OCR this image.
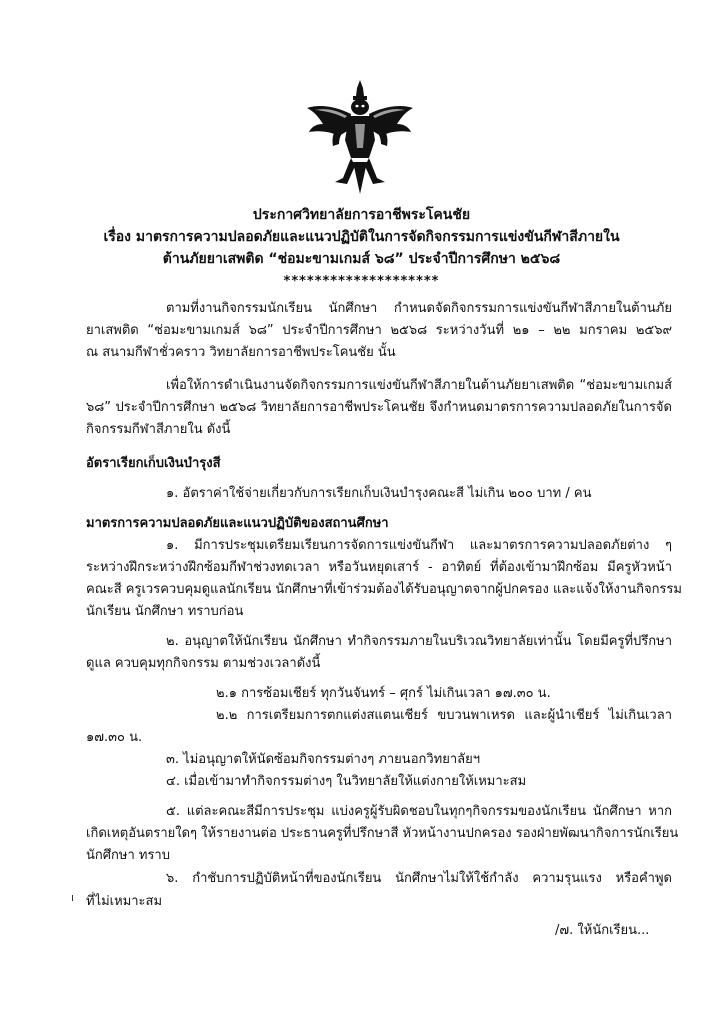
ประกาศวิทยาลัยการอาชีพระโคนชัย
เรื่อง มาตรการความปลอดภัยและแนวปฏิบัติในการจัดกิจกรรมการแข่งขันกีฬาสีภายใน
ต้านภัยยาเสพติด “ช่อมะขามเกมส์ ๖๘” ประจำปีการศึกษา ๒๕๖๘
********************
ตามที่งานกิจกรรมนักเรียน นักศึกษา กำหนดจัดกิจกรรมการแข่งขันกีฬาสีภายในต้านภัย
ยาเสพติด “ช่อมะขามเกมส์ ๖๘” ประจำปีการศึกษา ๒๕๖๘ ระหว่างวันที่ ๒๑ – ๒๒ มกราคม ๒๕๖๙
ณ สนามกีฬาชั่วคราว วิทยาลัยการอาชีพประโคนชัย นั้น
เพื่อให้การดำเนินงานจัดกิจกรรมการแข่งขันกีฬาสีภายในต้านภัยยาเสพติด “ช่อมะขามเกมส์
๖๘” ประจำปีการศึกษา ๒๕๖๘ วิทยาลัยการอาชีพประโคนชัย จึงกำหนดมาตรการความปลอดภัยในการจัด
กิจกรรมกีฬาสีภายใน ดังนี้
อัตราเรียกเก็บเงินบำรุงสี
๑. อัตราค่าใช้จ่ายเกี่ยวกับการเรียกเก็บเงินบำรุงคณะสี ไม่เกิน ๒๐๐ บาท / คน
มาตรการความปลอดภัยและแนวปฏิบัติของสถานศึกษา
๑. มีการประชุมเตรียมเรียนการจัดการแข่งขันกีฬา และมาตรการความปลอดภัยต่าง ๆ
ระหว่างฝึกระหว่างฝึกซ้อมกีฬาช่วงทดเวลา หรือวันหยุดเสาร์ - อาทิตย์ ที่ต้องเข้ามาฝึกซ้อม มีครูหัวหน้า
คณะสี ครูเวรควบคุมดูแลนักเรียน นักศึกษาที่เข้าร่วมต้องได้รับอนุญาตจากผู้ปกครอง และแจ้งให้งานกิจกรรม
นักเรียน นักศึกษา ทราบก่อน
๒. อนุญาตให้นักเรียน นักศึกษา ทำกิจกรรมภายในบริเวณวิทยาลัยเท่านั้น โดยมีครูที่ปรึกษา
ดูแล ควบคุมทุกกิจกรรม ตามช่วงเวลาดังนี้
๒.๑ การซ้อมเชียร์ ทุกวันจันทร์ – ศุกร์ ไม่เกินเวลา ๑๗.๓๐ น.
๒.๒ การเตรียมการตกแต่งสแตนเชียร์ ขบวนพาเหรด และผู้นำเชียร์ ไม่เกินเวลา
๑๗.๓๐ น.
๓. ไม่อนุญาตให้นัดซ้อมกิจกรรมต่างๆ ภายนอกวิทยาลัยฯ
๔. เมื่อเข้ามาทำกิจกรรมต่างๆ ในวิทยาลัยให้แต่งกายให้เหมาะสม
๕. แต่ละคณะสีมีการประชุม แบ่งครูผู้รับผิดชอบในทุกๆกิจกรรมของนักเรียน นักศึกษา หาก
เกิดเหตุอันตรายใดๆ ให้รายงานต่อ ประธานครูที่ปรึกษาสี หัวหน้างานปกครอง รองฝ่ายพัฒนากิจการนักเรียน
นักศึกษา ทราบ
๖. กำชับการปฏิบัติหน้าที่ของนักเรียน นักศึกษาไม่ให้ใช้กำลัง ความรุนแรง หรือคำพูด
ที่ไม่เหมาะสม
/๗. ให้นักเรียน...
